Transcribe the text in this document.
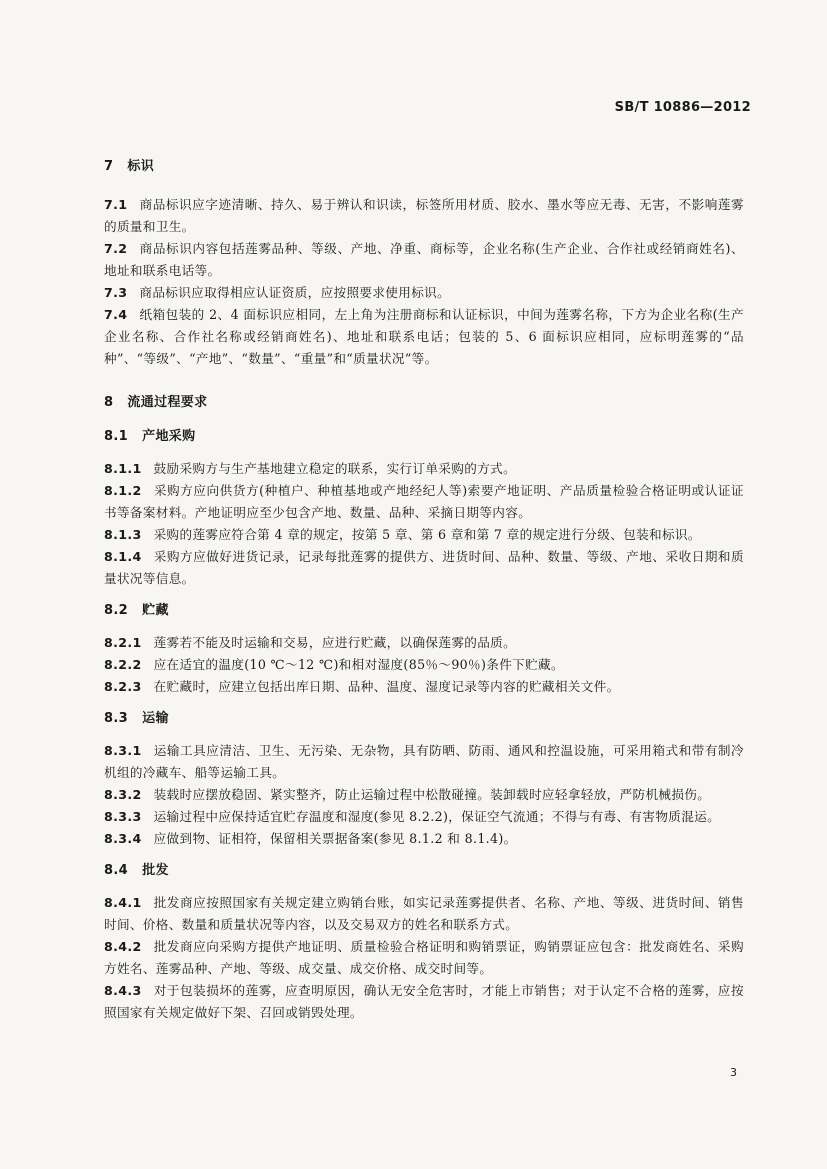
SB/T 10886—2012
7 标识
7.1 商品标识应字迹清晰、持久、易于辨认和识读，标签所用材质、胶水、墨水等应无毒、无害，不影响莲雾的质量和卫生。
7.2 商品标识内容包括莲雾品种、等级、产地、净重、商标等，企业名称(生产企业、合作社或经销商姓名)、地址和联系电话等。
7.3 商品标识应取得相应认证资质，应按照要求使用标识。
7.4 纸箱包装的 2、4 面标识应相同，左上角为注册商标和认证标识，中间为莲雾名称，下方为企业名称(生产企业名称、合作社名称或经销商姓名)、地址和联系电话；包装的 5、6 面标识应相同，应标明莲雾的“品种”、“等级”、“产地”、“数量”、“重量”和“质量状况”等。
8 流通过程要求
8.1 产地采购
8.1.1 鼓励采购方与生产基地建立稳定的联系，实行订单采购的方式。
8.1.2 采购方应向供货方(种植户、种植基地或产地经纪人等)索要产地证明、产品质量检验合格证明或认证证书等备案材料。产地证明应至少包含产地、数量、品种、采摘日期等内容。
8.1.3 采购的莲雾应符合第 4 章的规定，按第 5 章、第 6 章和第 7 章的规定进行分级、包装和标识。
8.1.4 采购方应做好进货记录，记录每批莲雾的提供方、进货时间、品种、数量、等级、产地、采收日期和质量状况等信息。
8.2 贮藏
8.2.1 莲雾若不能及时运输和交易，应进行贮藏，以确保莲雾的品质。
8.2.2 应在适宜的温度(10 ℃～12 ℃)和相对湿度(85％～90％)条件下贮藏。
8.2.3 在贮藏时，应建立包括出库日期、品种、温度、湿度记录等内容的贮藏相关文件。
8.3 运输
8.3.1 运输工具应清洁、卫生、无污染、无杂物，具有防晒、防雨、通风和控温设施，可采用箱式和带有制冷机组的冷藏车、船等运输工具。
8.3.2 装载时应摆放稳固、紧实整齐，防止运输过程中松散碰撞。装卸载时应轻拿轻放，严防机械损伤。
8.3.3 运输过程中应保持适宜贮存温度和湿度(参见 8.2.2)，保证空气流通；不得与有毒、有害物质混运。
8.3.4 应做到物、证相符，保留相关票据备案(参见 8.1.2 和 8.1.4)。
8.4 批发
8.4.1 批发商应按照国家有关规定建立购销台账，如实记录莲雾提供者、名称、产地、等级、进货时间、销售时间、价格、数量和质量状况等内容，以及交易双方的姓名和联系方式。
8.4.2 批发商应向采购方提供产地证明、质量检验合格证明和购销票证，购销票证应包含：批发商姓名、采购方姓名、莲雾品种、产地、等级、成交量、成交价格、成交时间等。
8.4.3 对于包装损坏的莲雾，应查明原因，确认无安全危害时，才能上市销售；对于认定不合格的莲雾，应按照国家有关规定做好下架、召回或销毁处理。
3
